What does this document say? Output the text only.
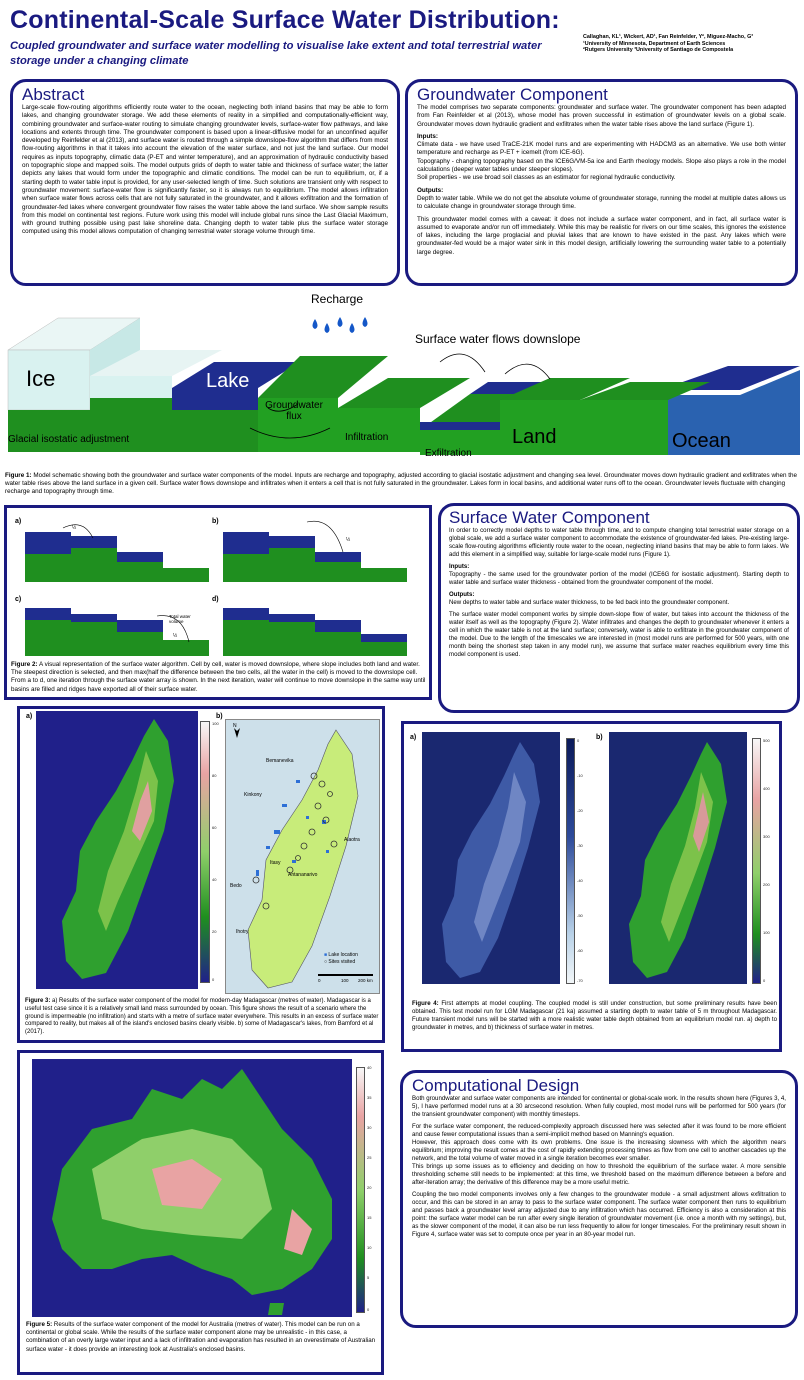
Continental-Scale Surface Water Distribution:
Coupled groundwater and surface water modelling to visualise lake extent and total terrestrial water storage under a changing climate
Callaghan, KL¹, Wickert, AD¹, Fan Reinfelder, Y², Miguez-Macho, G³
¹University of Minnesota, Department of Earth Sciences
²Rutgers University ³University of Santiago de Compostela
Abstract
Large-scale flow-routing algorithms efficiently route water to the ocean, neglecting both inland basins that may be able to form lakes, and changing groundwater storage. We add these elements of reality in a simplified and computationally-efficient way, combining groundwater and surface-water routing to simulate changing groundwater levels, surface-water flow pathways, and lake locations and extents through time. The groundwater component is based upon a linear-diffusive model for an unconfined aquifer developed by Reinfelder et al (2013), and surface water is routed through a simple downslope-flow algorithm that differs from most flow-routing algorithms in that it takes into account the elevation of the water surface, and not just the land surface. Our model requires as inputs topography, climatic data (P-ET and winter temperature), and an approximation of hydraulic conductivity based on topographic slope and mapped soils. The model outputs grids of depth to water table and thickness of surface water; the latter depicts any lakes that would form under the topographic and climatic conditions. The model can be run to equilibrium, or, if a starting depth to water table input is provided, for any user-selected length of time. Such solutions are transient only with respect to groundwater movement: surface-water flow is significantly faster, so it is always run to equilibrium. The model allows infiltration when surface water flows across cells that are not fully saturated in the groundwater, and it allows exfiltration and the formation of groundwater-fed lakes where convergent groundwater flow raises the water table above the land surface. We show sample results from this model on continental test regions. Future work using this model will include global runs since the Last Glacial Maximum, with ground truthing possible using past lake shoreline data. Changing depth to water table plus the surface water storage computed using this model allows computation of changing terrestrial water storage volume through time.
Groundwater Component

The model comprises two separate components: groundwater and surface water. The groundwater component has been adapted from Fan Reinfelder et al (2013), whose model has proven successful in estimation of groundwater levels on a global scale. Groundwater moves down hydraulic gradient and exfiltrates when the water table rises above the land surface (Figure 1).

Inputs:
Climate data - we have used TraCE-21K model runs and are experimenting with HADCM3 as an alternative. We use both winter temperature and recharge as P-ET + icemelt (from ICE-6G).
Topography - changing topography based on the ICE6G/VM-5a ice and Earth rheology models. Slope also plays a role in the model calculations (deeper water tables under steeper slopes).

Soil properties - we use broad soil classes as an estimator for regional hydraulic conductivity.

Outputs:

Depth to water table. While we do not get the absolute volume of groundwater storage, running the model at multiple dates allows us to calculate change in groundwater storage through time.

This groundwater model comes with a caveat: it does not include a surface water component, and in fact, all surface water is assumed to evaporate and/or run off immediately. While this may be realistic for rivers on our time scales, this ignores the existence of lakes, including the large proglacial and pluvial lakes that are known to have existed in the past. Any lakes which were groundwater-fed would be a major water sink in this model design, artificially lowering the surrounding water table to a potentially large degree.

Recharge
Surface water flows downslope
Ice	Lake
Groundwater flux
Glacial isostatic adjustment	Infiltration	Land
Exfiltration
Ocean
Figure 1: Model schematic showing both the groundwater and surface water components of the model. Inputs are recharge and topography, adjusted according to glacial isostatic adjustment and changing sea level. Groundwater moves down hydraulic gradient and exfiltrates when the water table rises above the land surface in a given cell. Surface water flows downslope and infiltrates when it enters a cell that is not fully saturated in the groundwater. Lakes form in local basins, and additional water runs off to the ocean. Groundwater levels fluctuate with changing recharge and topography through time.
a)	b)
c)	d)
½
½
Total water volume
½
Figure 2: A visual representation of the surface water algorithm. Cell by cell, water is moved downslope, where slope includes both land and water. The steepest direction is selected, and then max(half the difference between the two cells, all the water in the cell) is moved to the downslope cell. From a to d, one iteration through the surface water array is shown. In the next iteration, water will continue to move downslope in the same way until basins are filled and ridges have exported all of their surface water.
Surface Water Component

In order to correctly model depths to water table through time, and to compute changing total terrestrial water storage on a global scale, we add a surface water component to accommodate the existence of groundwater-fed lakes. Pre-existing large-scale flow-routing algorithms efficiently route water to the ocean, neglecting inland basins that may be able to form lakes. We add this element in a simplified way, suitable for large-scale model runs (Figure 1).

Inputs:

Topography - the same used for the groundwater portion of the model (ICE6G for isostatic adjustment). Starting depth to water table and surface water thickness - obtained from the groundwater component of the model.

Outputs:

New depths to water table and surface water thickness, to be fed back into the groundwater component.

The surface water model component works by simple down-slope flow of water, but takes into account the thickness of the water itself as well as the topography (Figure 2). Water infiltrates and changes the depth to groundwater whenever it enters a cell in which the water table is not at the land surface; conversely, water is able to exfiltrate in the groundwater component of the model. Due to the length of the timescales we are interested in (most model runs are performed for 500 years, with one month being the shortest step taken in any model run), we assume that surface water reaches equilibrium every time this model component is used.

100
80
60
40
20
0
a)	b)
N
Bemanevika
Kinkony
Alaotra
Itasy
Antananarivo
Bedo
Ihotry
■ Lake location
○ Sites visited
0	100 200 km
Figure 3: a) Results of the surface water component of the model for modern-day Madagascar (metres of water). Madagascar is a useful test case since it is a relatively small land mass surrounded by ocean. This figure shows the result of a scenario where the ground is impermeable (no infiltration) and starts with a metre of surface water everywhere. This results in an excess of surface water compared to reality, but makes all of the island's enclosed basins clearly visible. b) some of Madagascar's lakes, from Bamford et al (2017).
0
-10
-20
-30
-40
-50
-60
-70
a)	b)	500
400
300
200
100
0
Figure 4: First attempts at model coupling. The coupled model is still under construction, but some preliminary results have been obtained. This test model run for LGM Madagascar (21 ka) assumed a starting depth to water table of 5 m throughout Madagascar. Future transient model runs will be started with a more realistic water table depth obtained from an equilibrium model run. a) depth to groundwater in metres, and b) thickness of surface water in metres.
40
35
30
25
20
15
10
5
0
Figure 5: Results of the surface water component of the model for Australia (metres of water). This model can be run on a continental or global scale. While the results of the surface water component alone may be unrealistic - in this case, a combination of an overly large water input and a lack of infiltration and evaporation has resulted in an overestimate of Australian surface water - it does provide an interesting look at Australia's enclosed basins.
Computational Design

Both groundwater and surface water components are intended for continental or global-scale work. In the results shown here (Figures 3, 4, 5), I have performed model runs at a 30 arcsecond resolution. When fully coupled, most model runs will be performed for 500 years (for the transient groundwater component) with monthly timesteps.

For the surface water component, the reduced-complexity approach discussed here was selected after it was found to be more efficient and cause fewer computational issues than a semi-implicit method based on Manning's equation.
However, this approach does come with its own problems. One issue is the increasing slowness with which the algorithm nears equilibrium; improving the result comes at the cost of rapidly extending processing times as flow from one cell to another cascades up the network, and the total volume of water moved in a single iteration becomes ever smaller.

This brings up some issues as to efficiency and deciding on how to threshold the equilibrium of the surface water. A more sensible thresholding scheme still needs to be implemented: at this time, we threshold based on the maximum difference between a before and after-iteration array; the derivative of this difference may be a more useful metric.

Coupling the two model components involves only a few changes to the groundwater module - a small adjustment allows exfiltration to occur, and this can be stored in an array to pass to the surface water component. The surface water component then runs to equilibrium and passes back a groundwater level array adjusted due to any infiltration which has occurred. Efficiency is also a consideration at this point: the surface water model can be run after every single iteration of groundwater movement (i.e. once a month with my settings), but, as the slower component of the model, it can also be run less frequently to allow for longer timescales. For the preliminary result shown in Figure 4, surface water was set to compute once per year in an 80-year model run.
